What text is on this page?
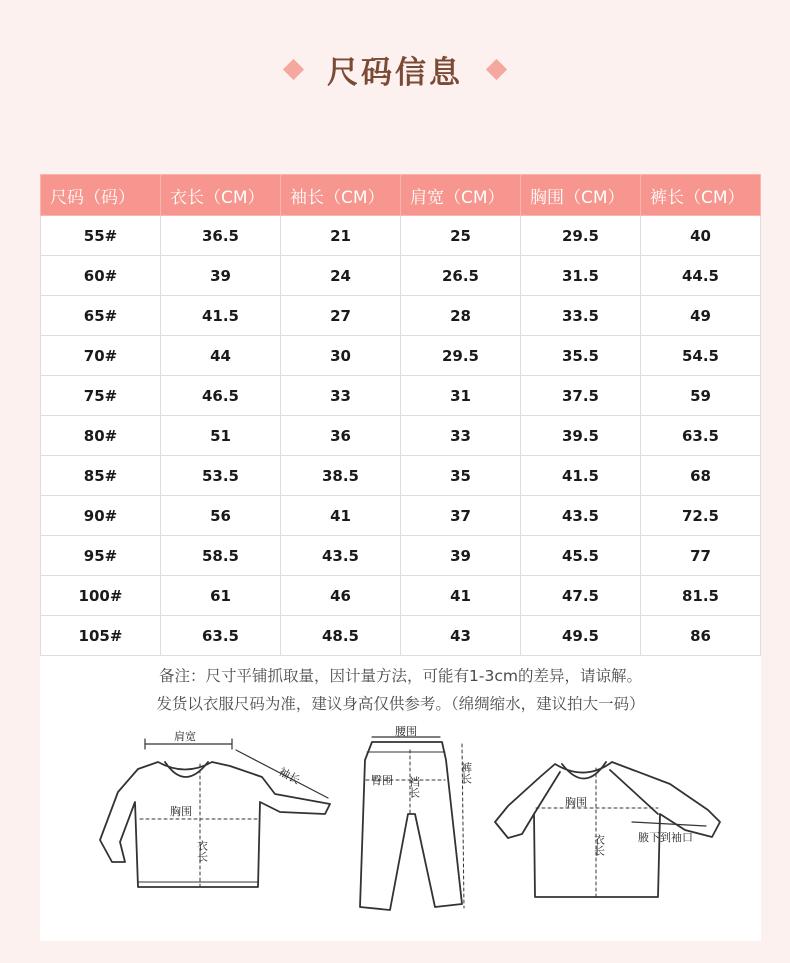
尺码信息
尺码（码）	衣长（CM）	袖长（CM）	肩宽（CM）	胸围（CM）	裤长（CM）
55#	36.5	21	25	29.5	40
60#	39	24	26.5	31.5	44.5
65#	41.5	27	28	33.5	49
70#	44	30	29.5	35.5	54.5
75#	46.5	33	31	37.5	59
80#	51	36	33	39.5	63.5
85#	53.5	38.5	35	41.5	68
90#	56	41	37	43.5	72.5
95#	58.5	43.5	39	45.5	77
100#	61	46	41	47.5	81.5
105#	63.5	48.5	43	49.5	86
备注：尺寸平铺抓取量，因计量方法，可能有1-3cm的差异，请谅解。
发货以衣服尺码为准，建议身高仅供参考。（绵绸缩水，建议拍大一码）
肩宽
袖长
胸围
衣长
腰围
裤长
臀围 裆长
胸围
衣长	腋下到袖口
